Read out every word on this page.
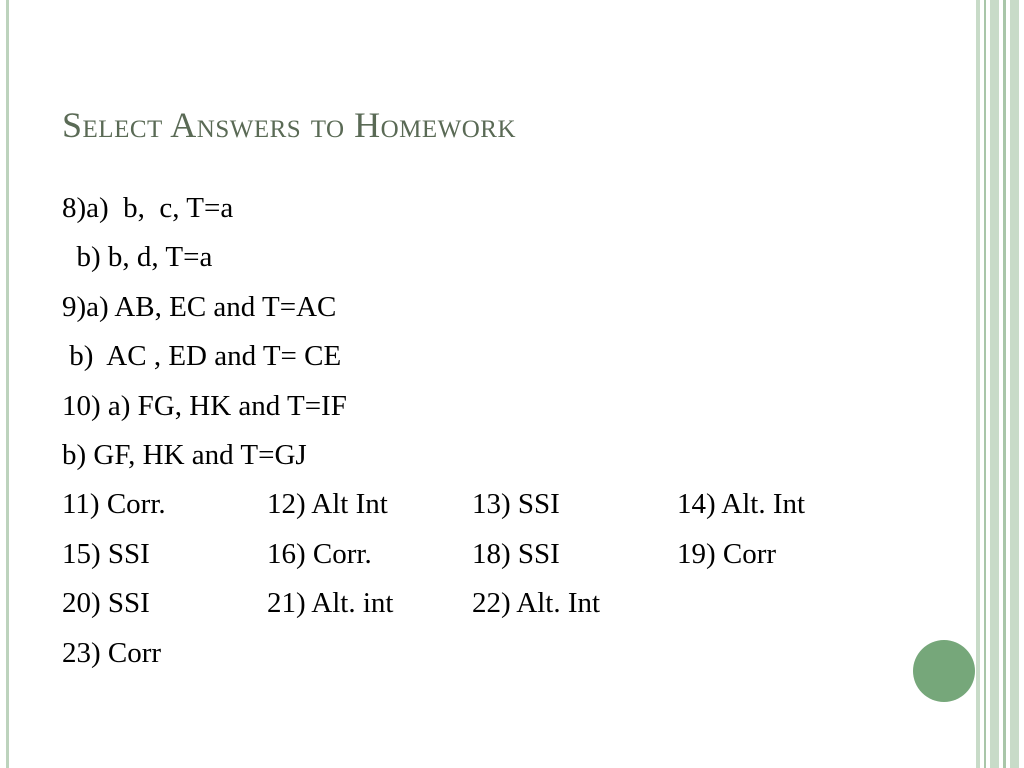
Select Answers to Homework
8)a)  b,  c, T=a
b) b, d, T=a
9)a) AB, EC and T=AC
b)  AC , ED and T= CE
10) a) FG, HK and T=IF
b) GF, HK and T=GJ
11) Corr.	12) Alt Int	13) SSI	14) Alt. Int
15) SSI	16) Corr.	18) SSI	19) Corr
20) SSI	21) Alt. int	22) Alt. Int
23) Corr
